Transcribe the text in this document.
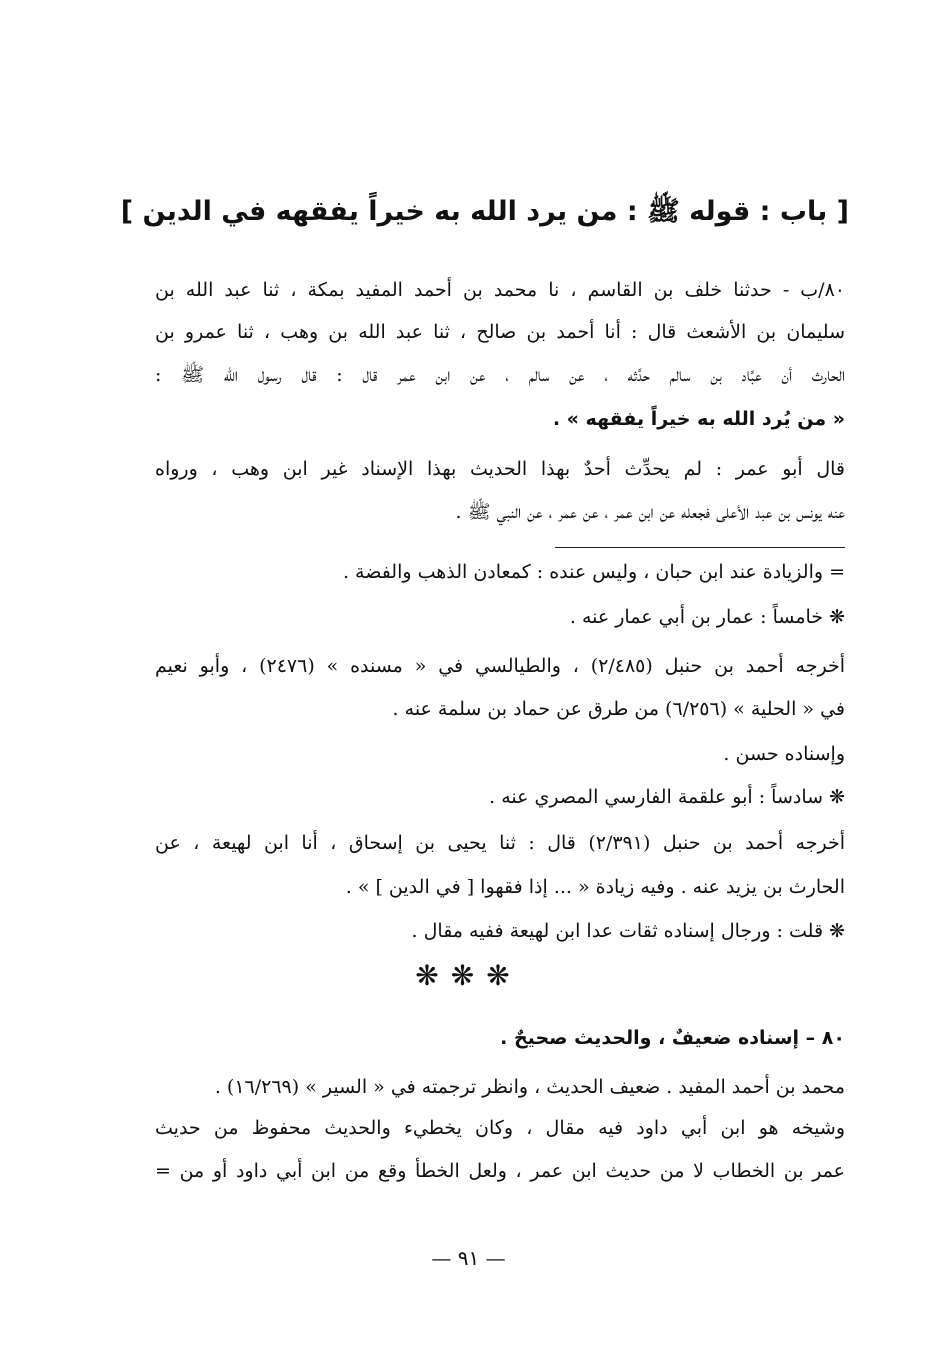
[ باب : قوله ﷺ : من يرد الله به خيراً يفقهه في الدين ]
۸۰/ب - حدثنا خلف بن القاسم ، نا محمد بن أحمد المفيد بمكة ، ثنا عبد الله بن
سليمان بن الأشعث قال : أنا أحمد بن صالح ، ثنا عبد الله بن وهب ، ثنا عمرو بن
الحارث أن عبَّاد بن سالم حدَّثه ، عن سالم ، عن ابن عمر قال : قال رسول الله ﷺ :
« من يُرد الله به خيراً يفقهه » .
قال أبو عمر : لم يحدِّث أحدٌ بهذا الحديث بهذا الإسناد غير ابن وهب ، ورواه
عنه يونس بن عبد الأعلى فجعله عن ابن عمر ، عن عمر ، عن النبي ﷺ .
= والزيادة عند ابن حبان ، وليس عنده : كمعادن الذهب والفضة .
❋ خامساً : عمار بن أبي عمار عنه .
أخرجه أحمد بن حنبل (٢/٤٨٥) ، والطيالسي في « مسنده » (٢٤٧٦) ، وأبو نعيم
في « الحلية » (٦/٢٥٦) من طرق عن حماد بن سلمة عنه .
وإسناده حسن .
❋ سادساً : أبو علقمة الفارسي المصري عنه .
أخرجه أحمد بن حنبل (٢/٣٩١) قال : ثنا يحيى بن إسحاق ، أنا ابن لهيعة ، عن
الحارث بن يزيد عنه . وفيه زيادة « ... إذا فقهوا [ في الدين ] » .
❋ قلت : ورجال إسناده ثقات عدا ابن لهيعة ففيه مقال .
❋❋❋
۸۰ – إسناده ضعيفٌ ، والحديث صحيحٌ .
محمد بن أحمد المفيد . ضعيف الحديث ، وانظر ترجمته في « السير » (١٦/٢٦٩) .
وشيخه هو ابن أبي داود فيه مقال ، وكان يخطيء والحديث محفوظ من حديث
عمر بن الخطاب لا من حديث ابن عمر ، ولعل الخطأ وقع من ابن أبي داود أو من =
— ٩١ —
